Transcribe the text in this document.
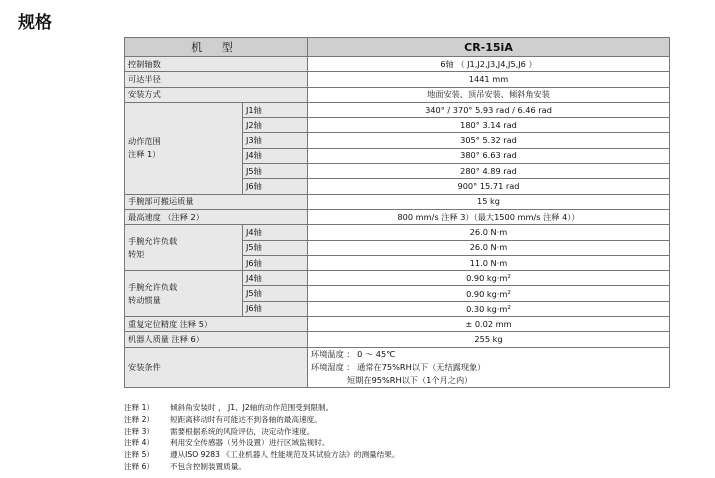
规格
机 型		CR-15iA
控制轴数		6轴 （ J1,J2,J3,J4,J5,J6 ）
可达半径		1441 mm
安装方式		地面安装、顶吊安装、倾斜角安装
动作范围
注释 1）	J1轴	340° / 370° 5.93 rad / 6.46 rad
	J2轴	180° 3.14 rad
	J3轴	305° 5.32 rad
	J4轴	380° 6.63 rad
	J5轴	280° 4.89 rad
	J6轴	900° 15.71 rad
手腕部可搬运质量		15 kg
最高速度 （注释 2）		800 mm/s 注释 3）（最大1500 mm/s 注释 4））
手腕允许负载
转矩	J4轴	26.0 N·m
	J5轴	26.0 N·m
	J6轴	11.0 N·m
手腕允许负载
转动惯量	J4轴	0.90 $kg\cdot m^2$
	J5轴	0.90 $kg\cdot m^2$
	J6轴	0.30 $kg\cdot m^2$
重复定位精度 注释 5）		± 0.02 mm
机器人质量 注释 6）		255 kg
安装条件		环境温度 ： 0 ～ 45℃
环境湿度 ： 通常在75%RH以下（无结露现象）
短期在95%RH以下（1个月之内）
注释 1）	倾斜角安装时 ， J1、J2轴的动作范围受到限制。
注释 2）	短距离移动时有可能达不到各轴的最高速度。
注释 3）	需要根据系统的风险评估，决定动作速度。
注释 4）	利用安全传感器（另外设置）进行区域监视时。
注释 5）	遵从ISO 9283 《工业机器人 性能规范及其试验方法》的测量结果。
注释 6）	不包含控制装置质量。
